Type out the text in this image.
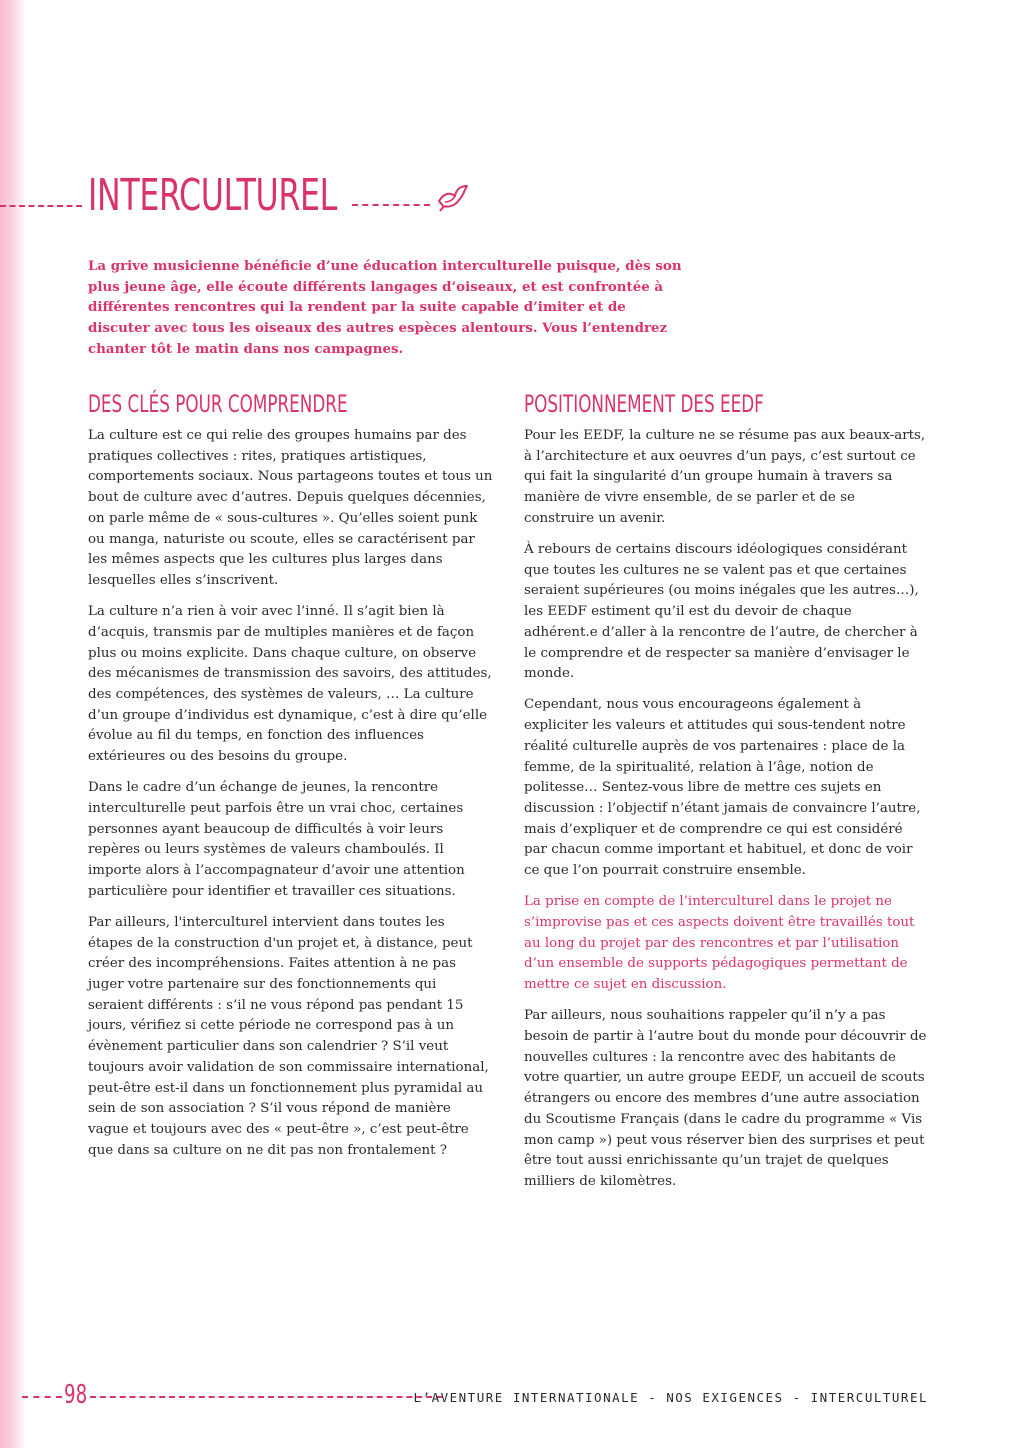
INTERCULTUREL

La grive musicienne bénéficie d’une éducation interculturelle puisque, dès son plus jeune âge, elle écoute différents langages d’oiseaux, et est confrontée à différentes rencontres qui la rendent par la suite capable d’imiter et de discuter avec tous les oiseaux des autres espèces alentours. Vous l’entendrez chanter tôt le matin dans nos campagnes.

DES CLÉS POUR COMPRENDRE

La culture est ce qui relie des groupes humains par des pratiques collectives : rites, pratiques artistiques, comportements sociaux. Nous partageons toutes et tous un bout de culture avec d’autres. Depuis quelques décennies, on parle même de « sous-cultures ». Qu’elles soient punk ou manga, naturiste ou scoute, elles se caractérisent par les mêmes aspects que les cultures plus larges dans lesquelles elles s’inscrivent.

La culture n’a rien à voir avec l’inné. Il s’agit bien là d’acquis, transmis par de multiples manières et de façon plus ou moins explicite. Dans chaque culture, on observe des mécanismes de transmission des savoirs, des attitudes, des compétences, des systèmes de valeurs, … La culture d’un groupe d’individus est dynamique, c’est à dire qu’elle évolue au fil du temps, en fonction des influences extérieures ou des besoins du groupe.

Dans le cadre d’un échange de jeunes, la rencontre interculturelle peut parfois être un vrai choc, certaines personnes ayant beaucoup de difficultés à voir leurs repères ou leurs systèmes de valeurs chamboulés. Il importe alors à l’accompagnateur d’avoir une attention particulière pour identifier et travailler ces situations.

Par ailleurs, l'interculturel intervient dans toutes les étapes de la construction d'un projet et, à distance, peut créer des incompréhensions. Faites attention à ne pas juger votre partenaire sur des fonctionnements qui seraient différents : s’il ne vous répond pas pendant 15 jours, vérifiez si cette période ne correspond pas à un évènement particulier dans son calendrier ? S’il veut toujours avoir validation de son commissaire international, peut-être est-il dans un fonctionnement plus pyramidal au sein de son association ? S’il vous répond de manière vague et toujours avec des « peut-être », c’est peut-être que dans sa culture on ne dit pas non frontalement ?

POSITIONNEMENT DES EEDF

Pour les EEDF, la culture ne se résume pas aux beaux-arts, à l’architecture et aux oeuvres d’un pays, c’est surtout ce qui fait la singularité d’un groupe humain à travers sa manière de vivre ensemble, de se parler et de se construire un avenir.

À rebours de certains discours idéologiques considérant que toutes les cultures ne se valent pas et que certaines seraient supérieures (ou moins inégales que les autres…), les EEDF estiment qu’il est du devoir de chaque adhérent.e d’aller à la rencontre de l’autre, de chercher à le comprendre et de respecter sa manière d’envisager le monde.

Cependant, nous vous encourageons également à expliciter les valeurs et attitudes qui sous-tendent notre réalité culturelle auprès de vos partenaires : place de la femme, de la spiritualité, relation à l’âge, notion de politesse… Sentez-vous libre de mettre ces sujets en discussion : l’objectif n’étant jamais de convaincre l’autre, mais d’expliquer et de comprendre ce qui est considéré par chacun comme important et habituel, et donc de voir ce que l’on pourrait construire ensemble.

La prise en compte de l’interculturel dans le projet ne s’improvise pas et ces aspects doivent être travaillés tout au long du projet par des rencontres et par l’utilisation d’un ensemble de supports pédagogiques permettant de mettre ce sujet en discussion.

Par ailleurs, nous souhaitions rappeler qu’il n’y a pas besoin de partir à l’autre bout du monde pour découvrir de nouvelles cultures : la rencontre avec des habitants de votre quartier, un autre groupe EEDF, un accueil de scouts étrangers ou encore des membres d’une autre association du Scoutisme Français (dans le cadre du programme « Vis mon camp ») peut vous réserver bien des surprises et peut être tout aussi enrichissante qu’un trajet de quelques milliers de kilomètres.

98	L’AVENTURE INTERNATIONALE - NOS EXIGENCES - INTERCULTUREL
